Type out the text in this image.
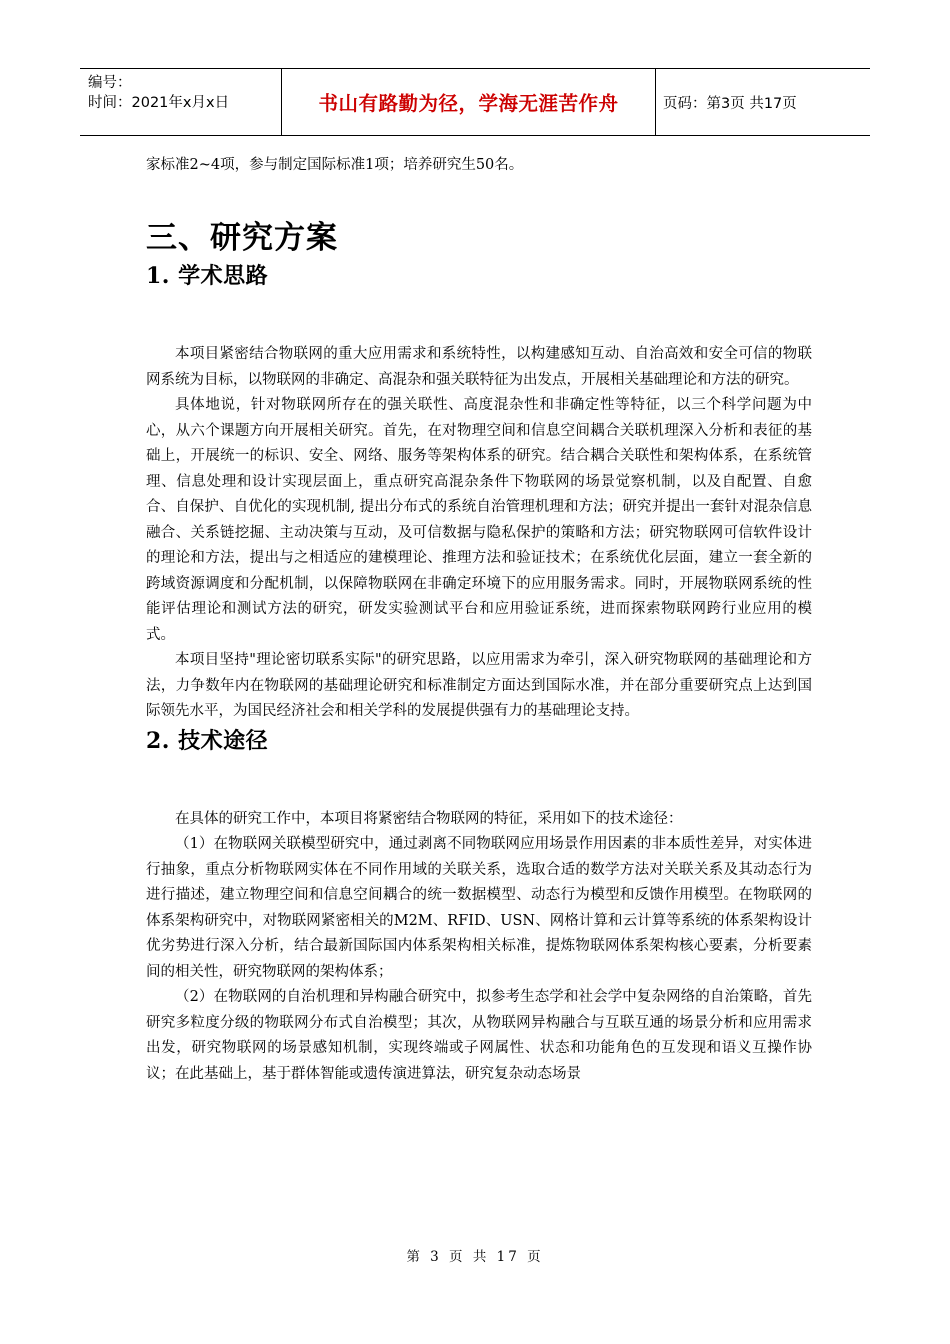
编号：
时间：2021年x月x日	书山有路勤为径，学海无涯苦作舟	页码：第3页 共17页

家标准2~4项，参与制定国际标准1项；培养研究生50名。

三、研究方案
1. 学术思路

本项目紧密结合物联网的重大应用需求和系统特性，以构建感知互动、自治高效和安全可信的物联网系统为目标，以物联网的非确定、高混杂和强关联特征为出发点，开展相关基础理论和方法的研究。

具体地说，针对物联网所存在的强关联性、高度混杂性和非确定性等特征，以三个科学问题为中心，从六个课题方向开展相关研究。首先，在对物理空间和信息空间耦合关联机理深入分析和表征的基础上，开展统一的标识、安全、网络、服务等架构体系的研究。结合耦合关联性和架构体系，在系统管理、信息处理和设计实现层面上，重点研究高混杂条件下物联网的场景觉察机制，以及自配置、自愈合、自保护、自优化的实现机制, 提出分布式的系统自治管理机理和方法；研究并提出一套针对混杂信息融合、关系链挖掘、主动决策与互动，及可信数据与隐私保护的策略和方法；研究物联网可信软件设计的理论和方法，提出与之相适应的建模理论、推理方法和验证技术；在系统优化层面，建立一套全新的跨域资源调度和分配机制，以保障物联网在非确定环境下的应用服务需求。同时，开展物联网系统的性能评估理论和测试方法的研究，研发实验测试平台和应用验证系统，进而探索物联网跨行业应用的模式。

本项目坚持"理论密切联系实际"的研究思路，以应用需求为牵引，深入研究物联网的基础理论和方法，力争数年内在物联网的基础理论研究和标准制定方面达到国际水准，并在部分重要研究点上达到国际领先水平，为国民经济社会和相关学科的发展提供强有力的基础理论支持。

2. 技术途径

在具体的研究工作中，本项目将紧密结合物联网的特征，采用如下的技术途径：

（1）在物联网关联模型研究中，通过剥离不同物联网应用场景作用因素的非本质性差异，对实体进行抽象，重点分析物联网实体在不同作用域的关联关系，选取合适的数学方法对关联关系及其动态行为进行描述，建立物理空间和信息空间耦合的统一数据模型、动态行为模型和反馈作用模型。在物联网的体系架构研究中，对物联网紧密相关的M2M、RFID、USN、网格计算和云计算等系统的体系架构设计优劣势进行深入分析，结合最新国际国内体系架构相关标准，提炼物联网体系架构核心要素，分析要素间的相关性，研究物联网的架构体系；

（2）在物联网的自治机理和异构融合研究中，拟参考生态学和社会学中复杂网络的自治策略，首先研究多粒度分级的物联网分布式自治模型；其次，从物联网异构融合与互联互通的场景分析和应用需求出发，研究物联网的场景感知机制，实现终端或子网属性、状态和功能角色的互发现和语义互操作协议；在此基础上，基于群体智能或遗传演进算法，研究复杂动态场景

第 3 页 共 17 页
